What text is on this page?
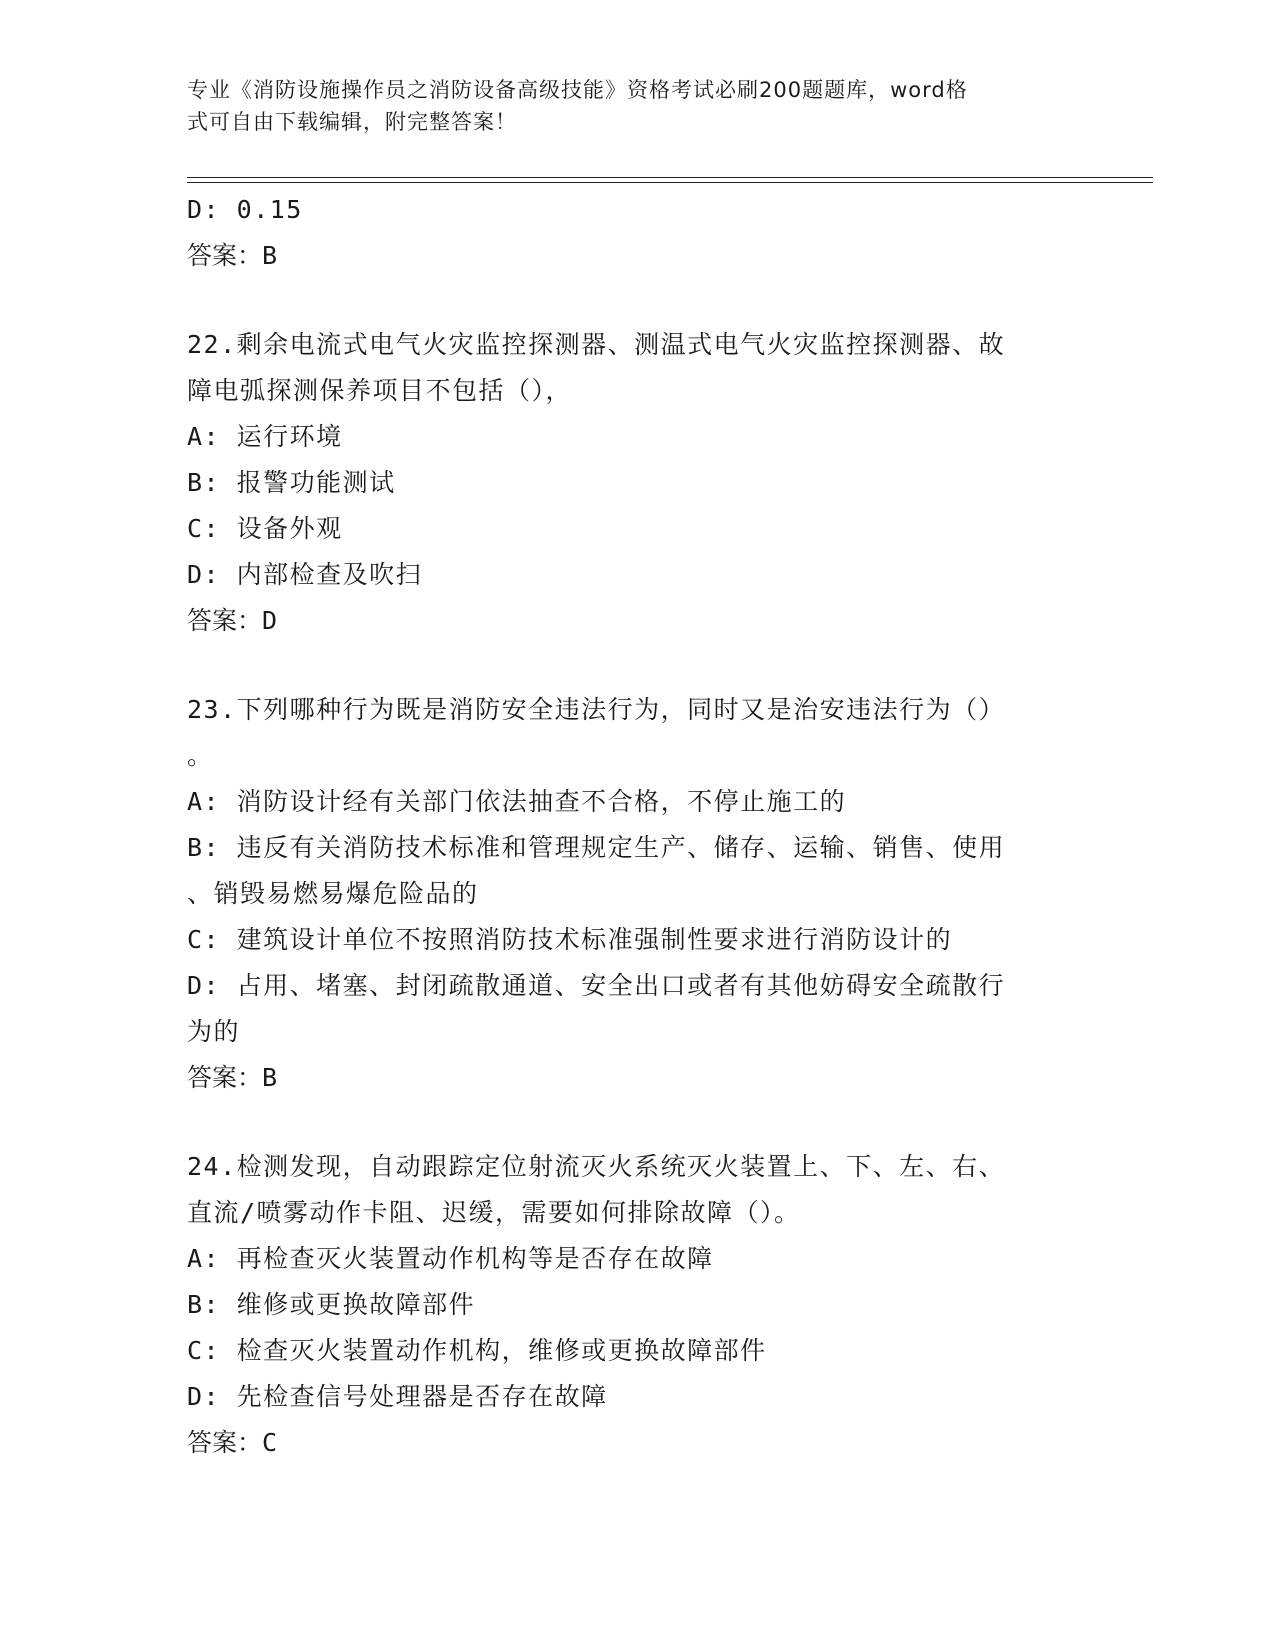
专业《消防设施操作员之消防设备高级技能》资格考试必刷200题题库，word格
式可自由下载编辑，附完整答案！
D: 0.15
答案：B
22.剩余电流式电气火灾监控探测器、测温式电气火灾监控探测器、故
障电弧探测保养项目不包括（），
A: 运行环境
B: 报警功能测试
C: 设备外观
D: 内部检查及吹扫
答案：D
23.下列哪种行为既是消防安全违法行为，同时又是治安违法行为（）
。
A: 消防设计经有关部门依法抽查不合格，不停止施工的
B: 违反有关消防技术标准和管理规定生产、储存、运输、销售、使用
、销毁易燃易爆危险品的
C: 建筑设计单位不按照消防技术标准强制性要求进行消防设计的
D: 占用、堵塞、封闭疏散通道、安全出口或者有其他妨碍安全疏散行
为的
答案：B
24.检测发现，自动跟踪定位射流灭火系统灭火装置上、下、左、右、
直流/喷雾动作卡阻、迟缓，需要如何排除故障（）。
A: 再检查灭火装置动作机构等是否存在故障
B: 维修或更换故障部件
C: 检查灭火装置动作机构，维修或更换故障部件
D: 先检查信号处理器是否存在故障
答案：C
